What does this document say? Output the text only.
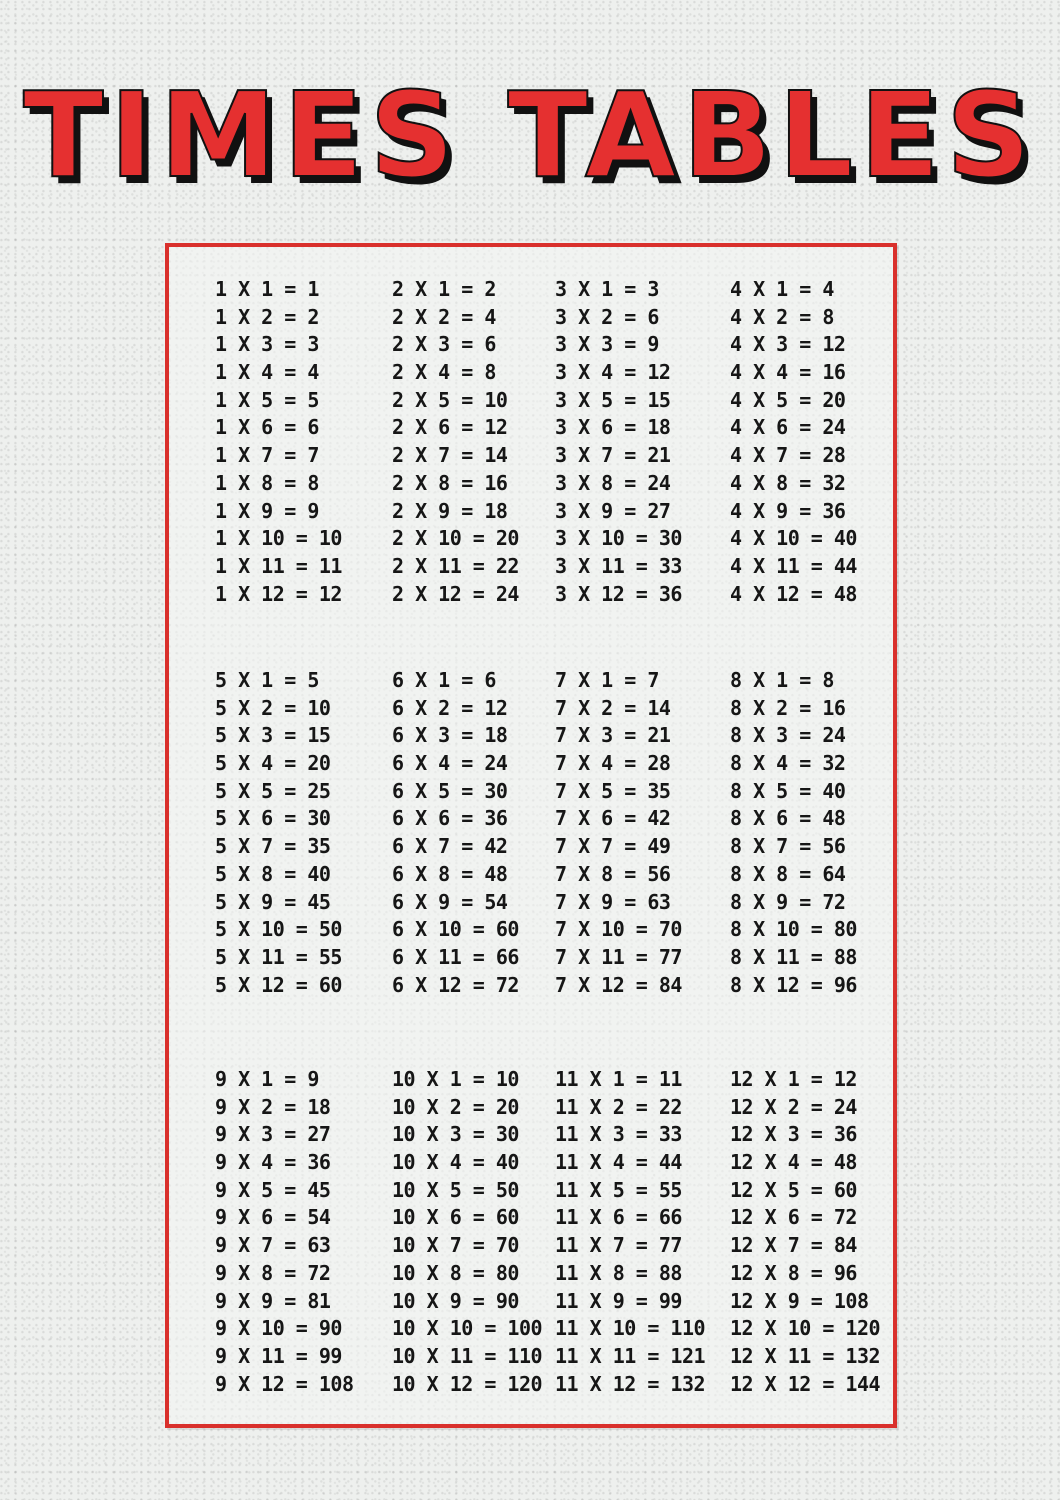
TIMES TABLES
1 X 1 = 1
1 X 2 = 2
1 X 3 = 3
1 X 4 = 4
1 X 5 = 5
1 X 6 = 6
1 X 7 = 7
1 X 8 = 8
1 X 9 = 9
1 X 10 = 10
1 X 11 = 11
1 X 12 = 12
2 X 1 = 2
2 X 2 = 4
2 X 3 = 6
2 X 4 = 8
2 X 5 = 10
2 X 6 = 12
2 X 7 = 14
2 X 8 = 16
2 X 9 = 18
2 X 10 = 20
2 X 11 = 22
2 X 12 = 24
3 X 1 = 3
3 X 2 = 6
3 X 3 = 9
3 X 4 = 12
3 X 5 = 15
3 X 6 = 18
3 X 7 = 21
3 X 8 = 24
3 X 9 = 27
3 X 10 = 30
3 X 11 = 33
3 X 12 = 36
4 X 1 = 4
4 X 2 = 8
4 X 3 = 12
4 X 4 = 16
4 X 5 = 20
4 X 6 = 24
4 X 7 = 28
4 X 8 = 32
4 X 9 = 36
4 X 10 = 40
4 X 11 = 44
4 X 12 = 48
5 X 1 = 5
5 X 2 = 10
5 X 3 = 15
5 X 4 = 20
5 X 5 = 25
5 X 6 = 30
5 X 7 = 35
5 X 8 = 40
5 X 9 = 45
5 X 10 = 50
5 X 11 = 55
5 X 12 = 60
6 X 1 = 6
6 X 2 = 12
6 X 3 = 18
6 X 4 = 24
6 X 5 = 30
6 X 6 = 36
6 X 7 = 42
6 X 8 = 48
6 X 9 = 54
6 X 10 = 60
6 X 11 = 66
6 X 12 = 72
7 X 1 = 7
7 X 2 = 14
7 X 3 = 21
7 X 4 = 28
7 X 5 = 35
7 X 6 = 42
7 X 7 = 49
7 X 8 = 56
7 X 9 = 63
7 X 10 = 70
7 X 11 = 77
7 X 12 = 84
8 X 1 = 8
8 X 2 = 16
8 X 3 = 24
8 X 4 = 32
8 X 5 = 40
8 X 6 = 48
8 X 7 = 56
8 X 8 = 64
8 X 9 = 72
8 X 10 = 80
8 X 11 = 88
8 X 12 = 96
9 X 1 = 9
9 X 2 = 18
9 X 3 = 27
9 X 4 = 36
9 X 5 = 45
9 X 6 = 54
9 X 7 = 63
9 X 8 = 72
9 X 9 = 81
9 X 10 = 90
9 X 11 = 99
9 X 12 = 108
10 X 1 = 10
10 X 2 = 20
10 X 3 = 30
10 X 4 = 40
10 X 5 = 50
10 X 6 = 60
10 X 7 = 70
10 X 8 = 80
10 X 9 = 90
10 X 10 = 100
10 X 11 = 110
10 X 12 = 120
11 X 1 = 11
11 X 2 = 22
11 X 3 = 33
11 X 4 = 44
11 X 5 = 55
11 X 6 = 66
11 X 7 = 77
11 X 8 = 88
11 X 9 = 99
11 X 10 = 110
11 X 11 = 121
11 X 12 = 132
12 X 1 = 12
12 X 2 = 24
12 X 3 = 36
12 X 4 = 48
12 X 5 = 60
12 X 6 = 72
12 X 7 = 84
12 X 8 = 96
12 X 9 = 108
12 X 10 = 120
12 X 11 = 132
12 X 12 = 144
